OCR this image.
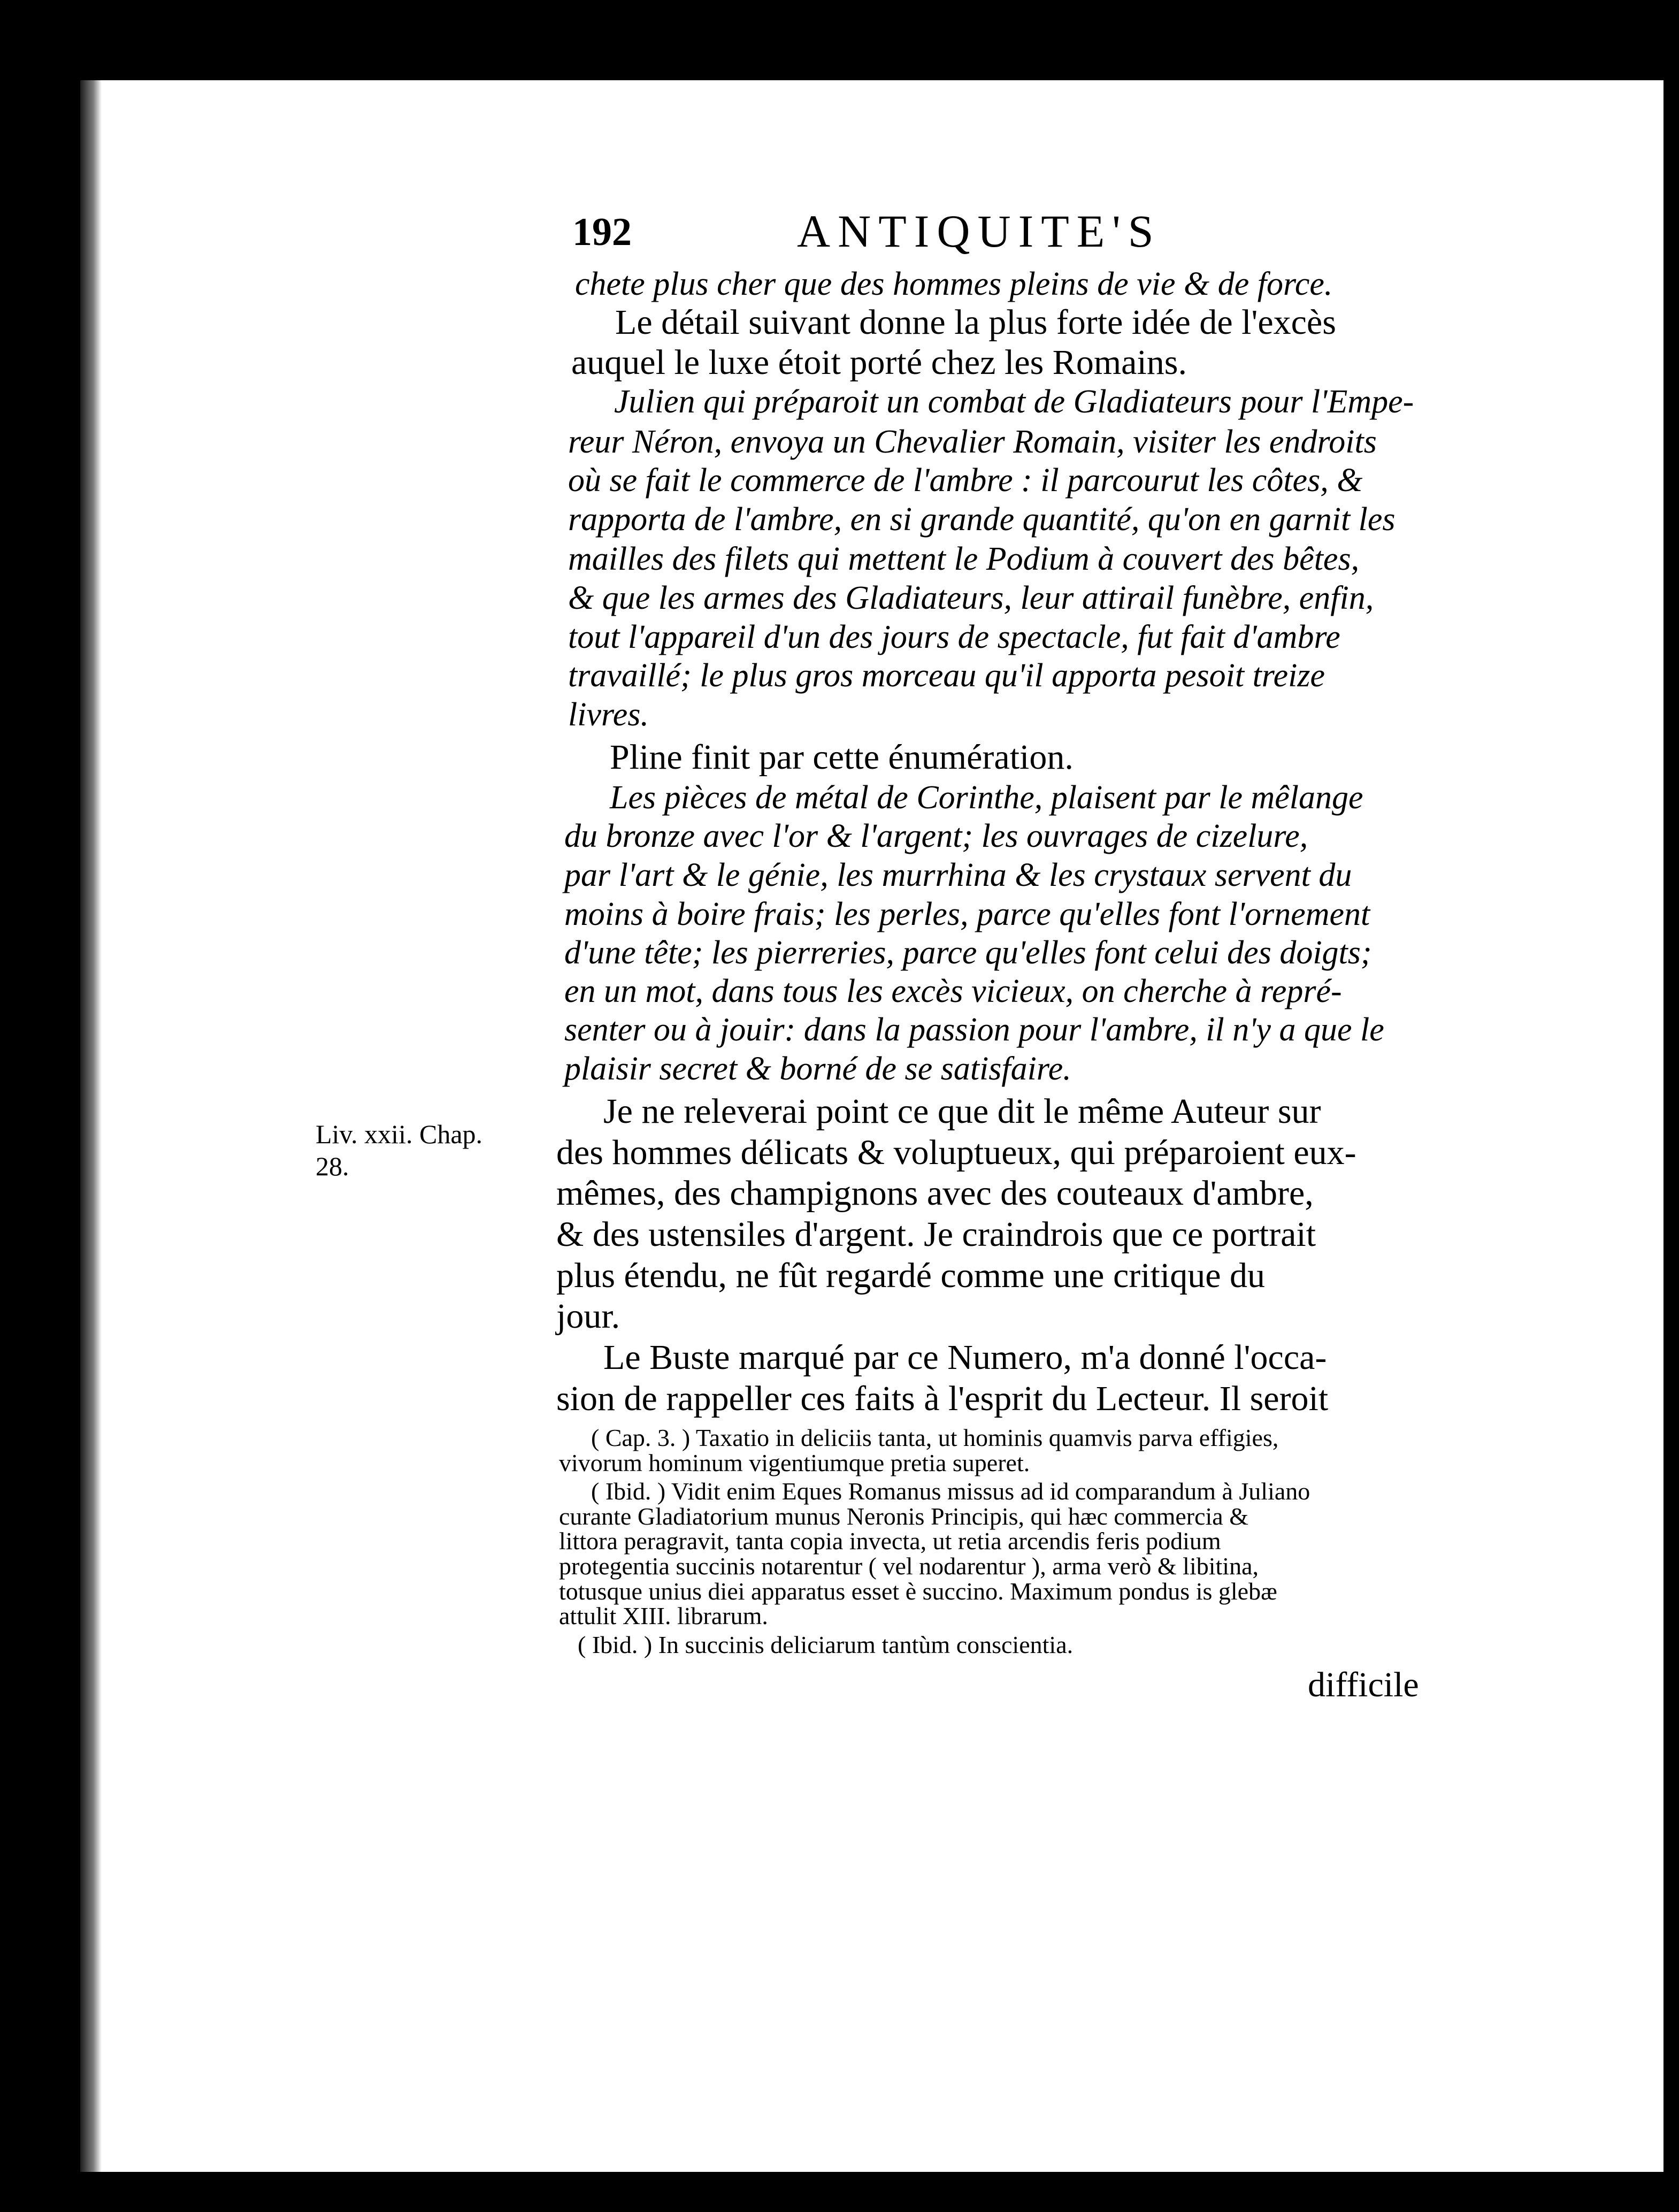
192	ANTIQUITE'S
chete plus cher que des hommes pleins de vie & de force.
Le détail suivant donne la plus forte idée de l'excès
auquel le luxe étoit porté chez les Romains.
Julien qui préparoit un combat de Gladiateurs pour l'Empe-
reur Néron, envoya un Chevalier Romain, visiter les endroits
où se fait le commerce de l'ambre : il parcourut les côtes, &
rapporta de l'ambre, en si grande quantité, qu'on en garnit les
mailles des filets qui mettent le Podium à couvert des bêtes,
& que les armes des Gladiateurs, leur attirail funèbre, enfin,
tout l'appareil d'un des jours de spectacle, fut fait d'ambre
travaillé; le plus gros morceau qu'il apporta pesoit treize
livres.
Pline finit par cette énumération.
Les pièces de métal de Corinthe, plaisent par le mêlange
du bronze avec l'or & l'argent; les ouvrages de cizelure,
par l'art & le génie, les murrhina & les crystaux servent du
moins à boire frais; les perles, parce qu'elles font l'ornement
d'une tête; les pierreries, parce qu'elles font celui des doigts;
en un mot, dans tous les excès vicieux, on cherche à repré-
senter ou à jouir: dans la passion pour l'ambre, il n'y a que le
plaisir secret & borné de se satisfaire.
Je ne releverai point ce que dit le même Auteur sur
des hommes délicats & voluptueux, qui préparoient eux-
mêmes, des champignons avec des couteaux d'ambre,
& des ustensiles d'argent. Je craindrois que ce portrait
plus étendu, ne fût regardé comme une critique du
jour.
Le Buste marqué par ce Numero, m'a donné l'occa-
sion de rappeller ces faits à l'esprit du Lecteur. Il seroit
Liv. xxii. Chap.
28.
( Cap. 3. ) Taxatio in deliciis tanta, ut hominis quamvis parva effigies,
vivorum hominum vigentiumque pretia superet.
( Ibid. ) Vidit enim Eques Romanus missus ad id comparandum à Juliano
curante Gladiatorium munus Neronis Principis, qui hæc commercia &
littora peragravit, tanta copia invecta, ut retia arcendis feris podium
protegentia succinis notarentur ( vel nodarentur ), arma verò & libitina,
totusque unius diei apparatus esset è succino. Maximum pondus is glebæ
attulit XIII. librarum.
( Ibid. ) In succinis deliciarum tantùm conscientia.
difficile
